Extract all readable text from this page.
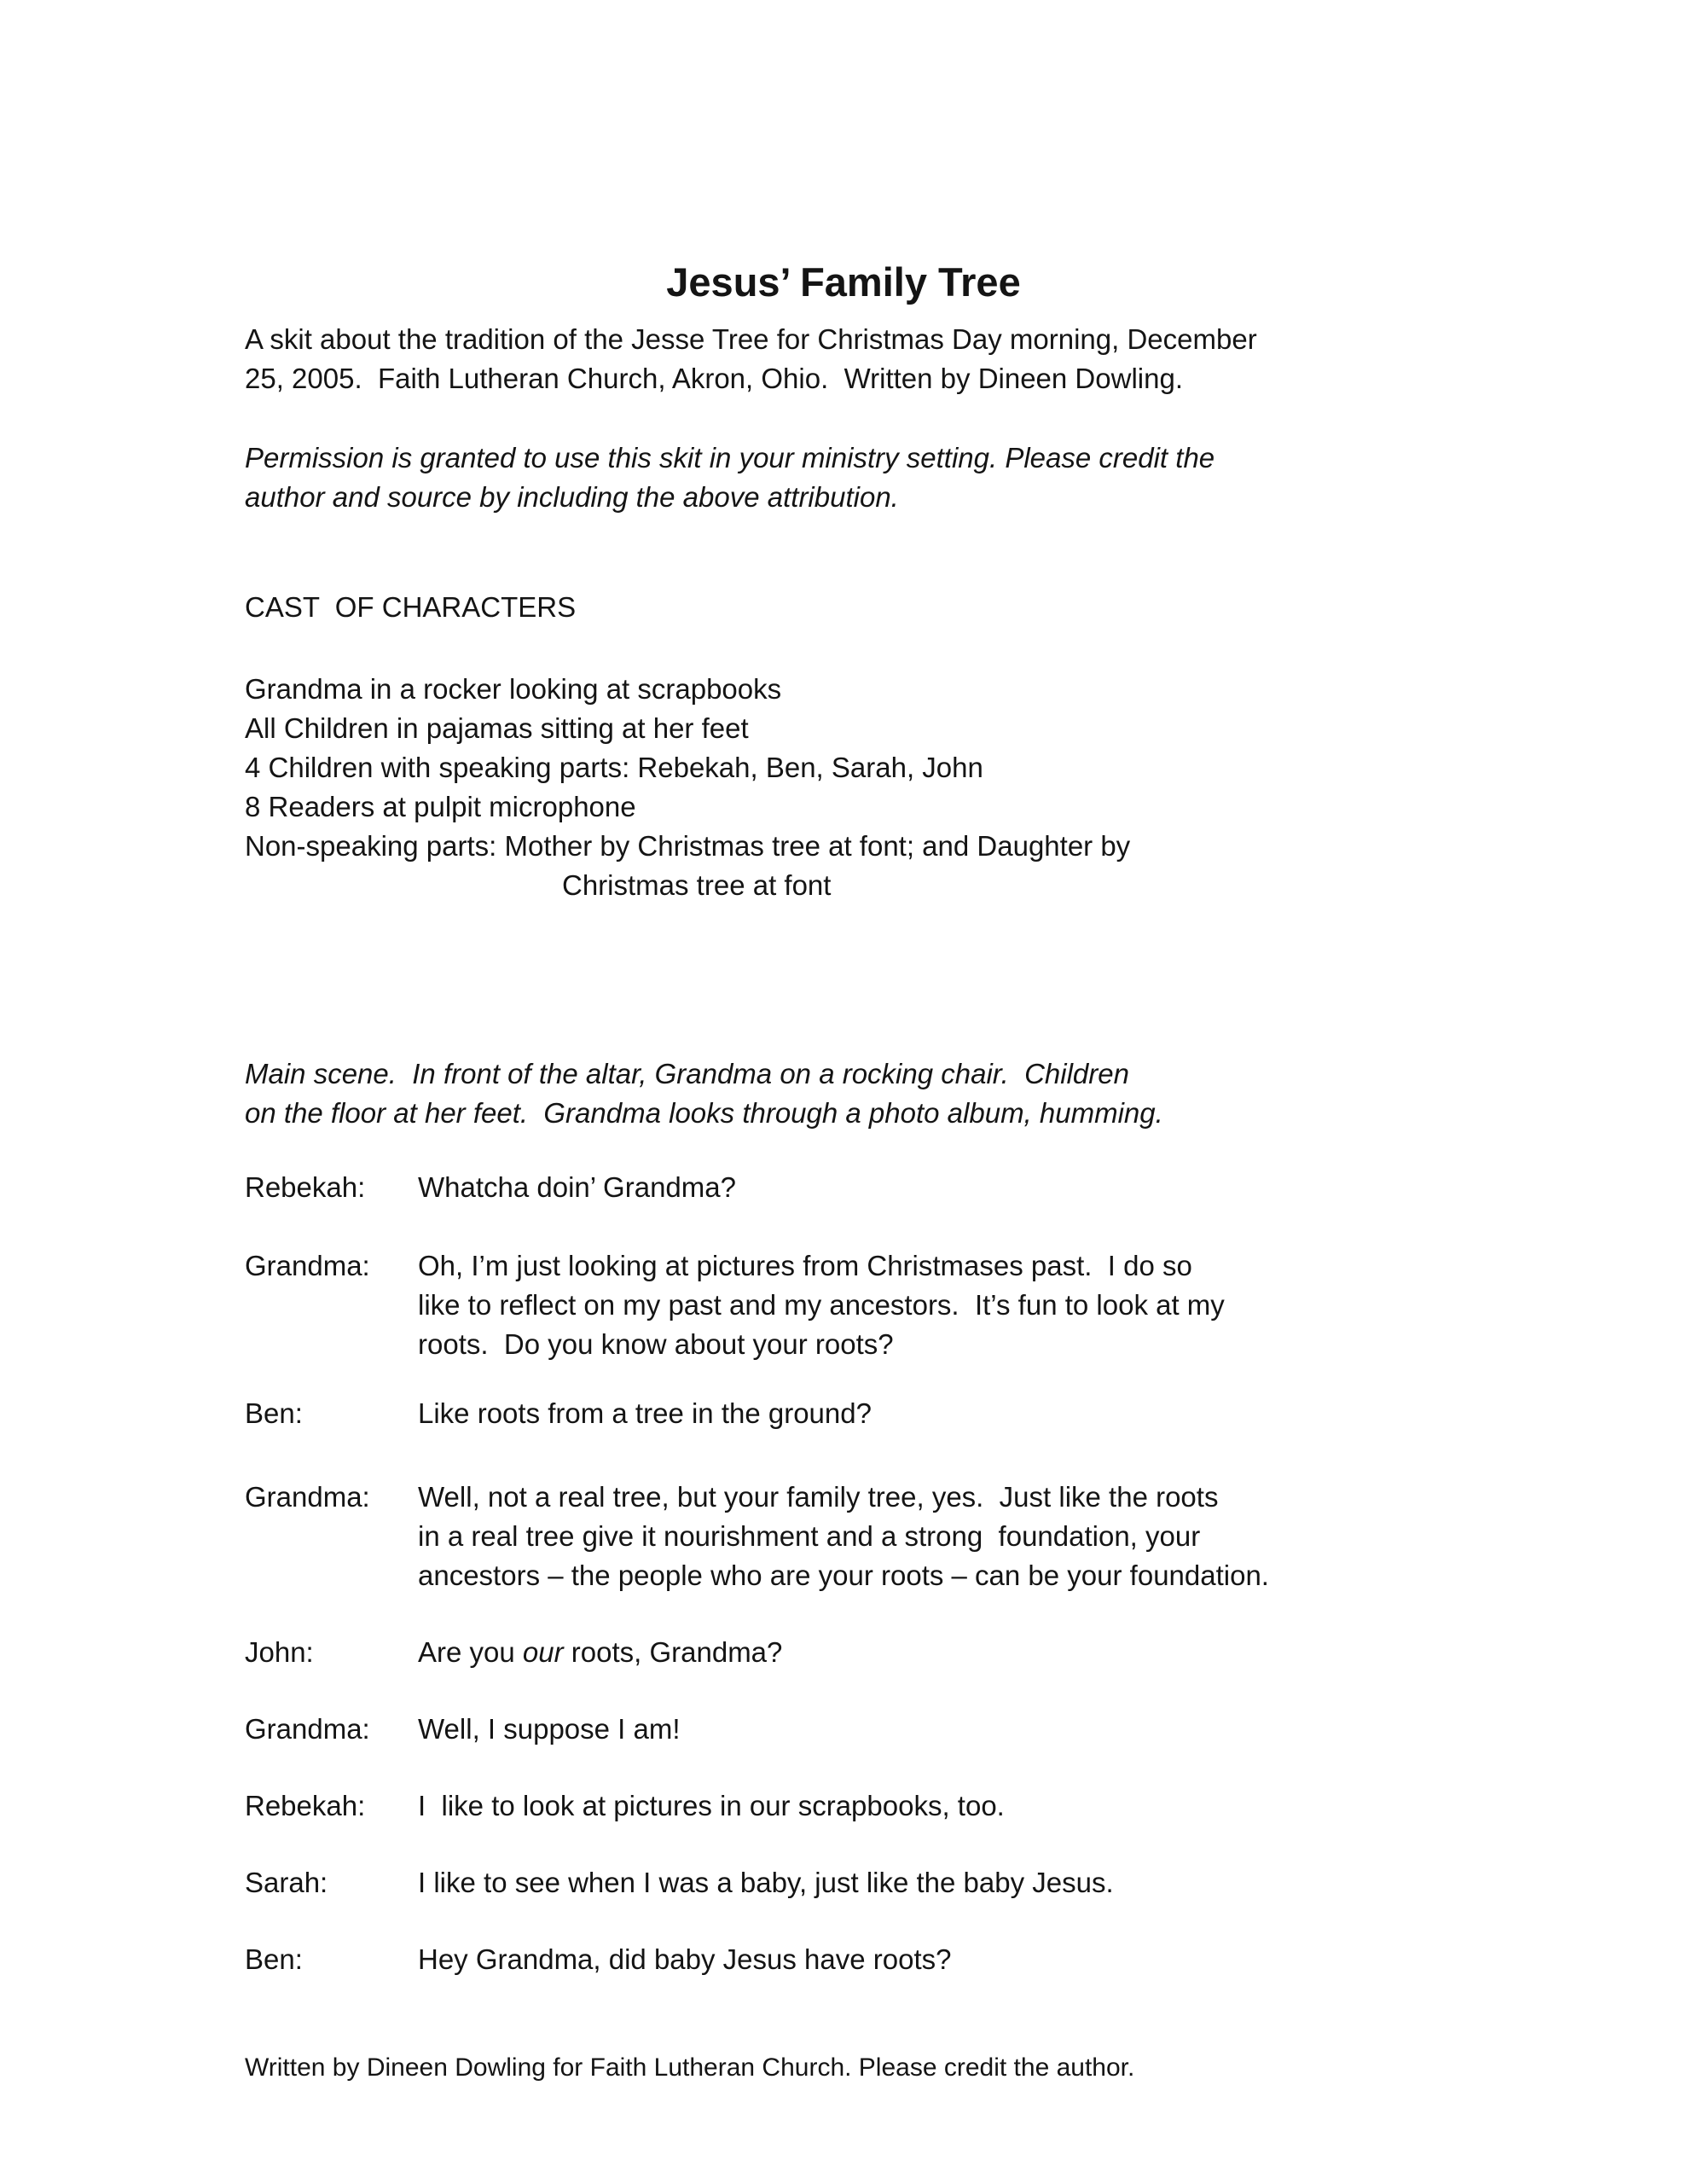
Jesus’ Family Tree
A skit about the tradition of the Jesse Tree for Christmas Day morning, December
25, 2005.  Faith Lutheran Church, Akron, Ohio.  Written by Dineen Dowling.
Permission is granted to use this skit in your ministry setting. Please credit the
author and source by including the above attribution.
CAST  OF CHARACTERS
Grandma in a rocker looking at scrapbooks
All Children in pajamas sitting at her feet
4 Children with speaking parts: Rebekah, Ben, Sarah, John
8 Readers at pulpit microphone
Non-speaking parts: Mother by Christmas tree at font; and Daughter by
Christmas tree at font
Main scene.  In front of the altar, Grandma on a rocking chair.  Children
on the floor at her feet.  Grandma looks through a photo album, humming.
Rebekah: Whatcha doin’ Grandma?
Grandma: Oh, I’m just looking at pictures from Christmases past.  I do so
like to reflect on my past and my ancestors.  It’s fun to look at my
roots.  Do you know about your roots?
Ben:	Like roots from a tree in the ground?
Grandma: Well, not a real tree, but your family tree, yes.  Just like the roots
in a real tree give it nourishment and a strong  foundation, your
ancestors – the people who are your roots – can be your foundation.
John:	Are you our roots, Grandma?
Grandma: Well, I suppose I am!
Rebekah: I  like to look at pictures in our scrapbooks, too.
Sarah:	I like to see when I was a baby, just like the baby Jesus.
Ben:	Hey Grandma, did baby Jesus have roots?
Written by Dineen Dowling for Faith Lutheran Church. Please credit the author.
